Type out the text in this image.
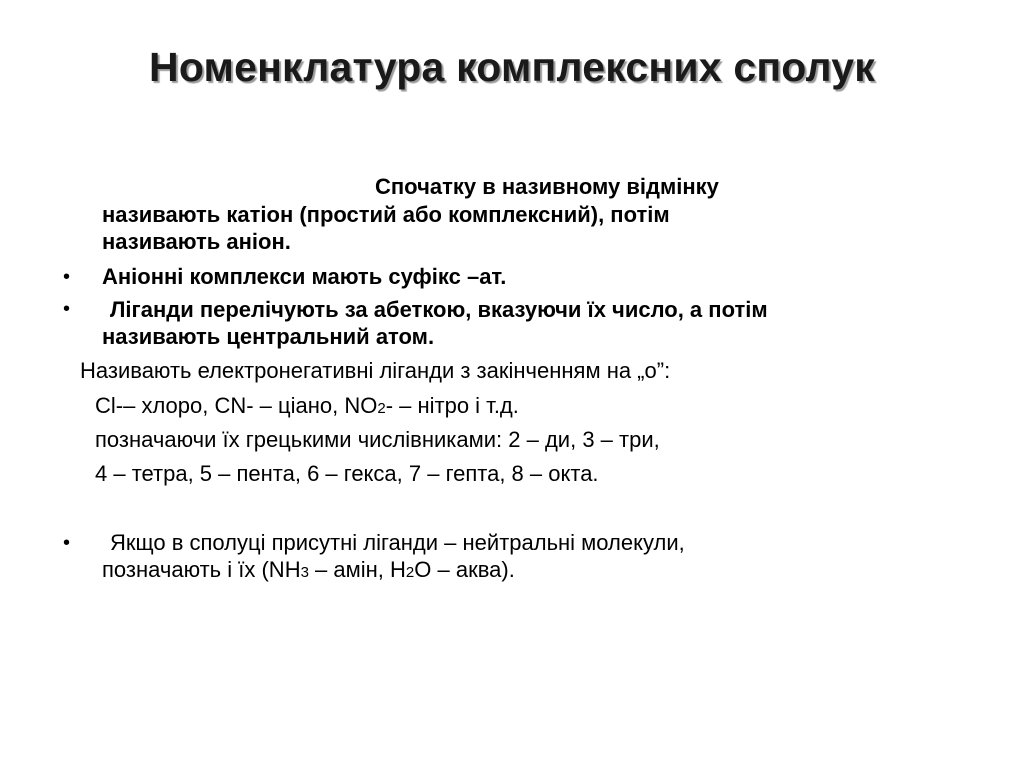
Номенклатура комплексних сполук
Спочатку в називному відмінку
називають катіон (простий або комплексний), потім
називають аніон.
• Аніонні комплекси мають суфікс –ат.
• Ліганди перелічують за абеткою, вказуючи їх число, а потім
називають центральний атом.
Називають електронегативні ліганди з закінченням на „о”:
Cl-– хлоро, CN- – ціано, NO2- – нітро і т.д.
позначаючи їх грецькими числівниками: 2 – ди, 3 – три,
4 – тетра, 5 – пента, 6 – гекса, 7 – гепта, 8 – окта.
• Якщо в сполуці присутні ліганди – нейтральні молекули,
позначають і їх (NH3 – амін, H2O – аква).
